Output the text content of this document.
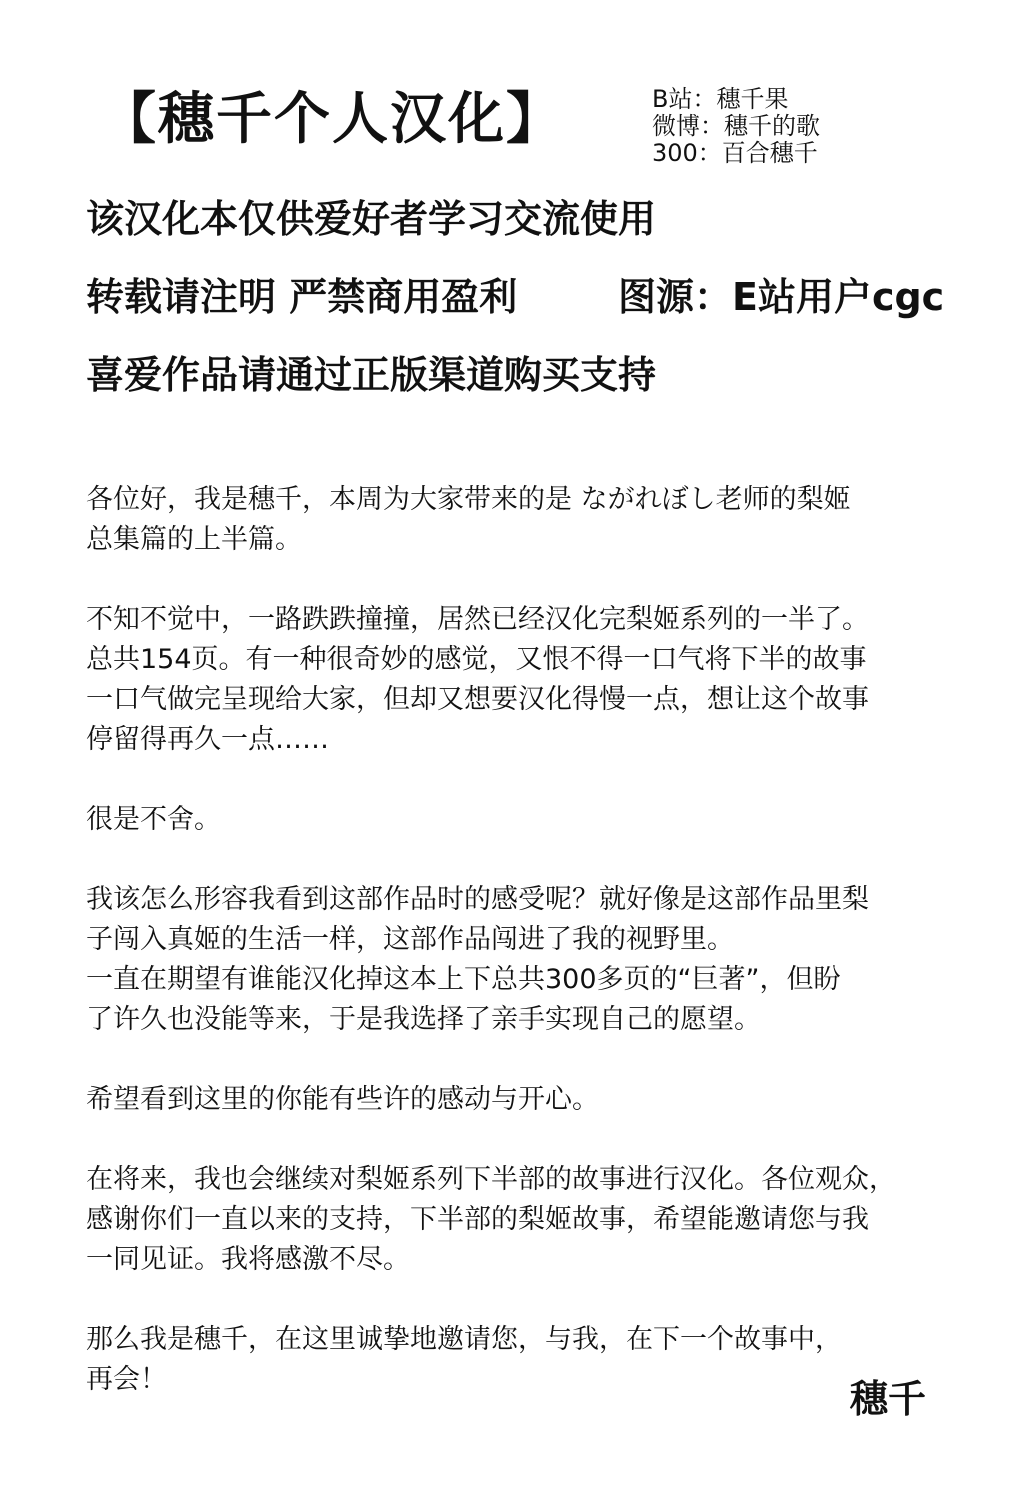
【穗千个人汉化】	B站：穗千果
微博：穗千的歌
300：百合穗千
该汉化本仅供爱好者学习交流使用
转载请注明 严禁商用盈利	图源：E站用户cgc
喜爱作品请通过正版渠道购买支持

各位好，我是穗千，本周为大家带来的是 ながれぼし老师的梨姬
总集篇的上半篇。

不知不觉中，一路跌跌撞撞，居然已经汉化完梨姬系列的一半了。
总共154页。有一种很奇妙的感觉，又恨不得一口气将下半的故事
一口气做完呈现给大家，但却又想要汉化得慢一点，想让这个故事
停留得再久一点……

很是不舍。

我该怎么形容我看到这部作品时的感受呢？就好像是这部作品里梨
子闯入真姬的生活一样，这部作品闯进了我的视野里。
一直在期望有谁能汉化掉这本上下总共300多页的“巨著”，但盼
了许久也没能等来，于是我选择了亲手实现自己的愿望。

希望看到这里的你能有些许的感动与开心。

在将来，我也会继续对梨姬系列下半部的故事进行汉化。各位观众，
感谢你们一直以来的支持，下半部的梨姬故事，希望能邀请您与我
一同见证。我将感激不尽。

那么我是穗千，在这里诚挚地邀请您，与我，在下一个故事中，
再会！	穗千
